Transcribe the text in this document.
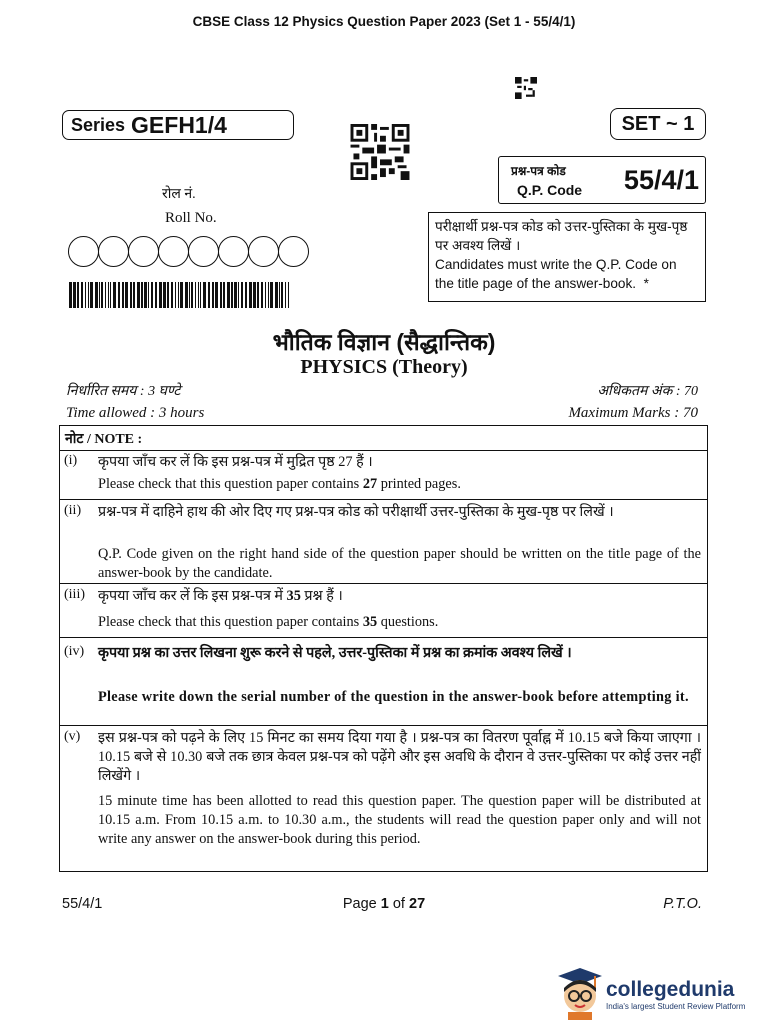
CBSE Class 12 Physics Question Paper 2023 (Set 1 - 55/4/1)
Series GEFH1/4	SET ~ 1
प्रश्न-पत्र कोड
Q.P. Code 55/4/1
रोल नं.
Roll No.
परीक्षार्थी प्रश्न-पत्र कोड को उत्तर-पुस्तिका के मुख-पृष्ठ पर अवश्य लिखें ।
Candidates must write the Q.P. Code on the title page of the answer-book. *
भौतिक विज्ञान (सैद्धान्तिक)
PHYSICS (Theory)
निर्धारित समय : 3 घण्टे	अधिकतम अंक : 70
Time allowed : 3 hours	Maximum Marks : 70
नोट / NOTE :
(i) कृपया जाँच कर लें कि इस प्रश्न-पत्र में मुद्रित पृष्ठ 27 हैं ।
Please check that this question paper contains 27 printed pages.
(ii) प्रश्न-पत्र में दाहिने हाथ की ओर दिए गए प्रश्न-पत्र कोड को परीक्षार्थी उत्तर-पुस्तिका के मुख-पृष्ठ पर लिखें ।
Q.P. Code given on the right hand side of the question paper should be written on the title page of the answer-book by the candidate.
(iii) कृपया जाँच कर लें कि इस प्रश्न-पत्र में 35 प्रश्न हैं ।
Please check that this question paper contains 35 questions.
(iv) कृपया प्रश्न का उत्तर लिखना शुरू करने से पहले, उत्तर-पुस्तिका में प्रश्न का क्रमांक अवश्य लिखें ।
Please write down the serial number of the question in the answer-book before attempting it.
(v) इस प्रश्न-पत्र को पढ़ने के लिए 15 मिनट का समय दिया गया है । प्रश्न-पत्र का वितरण पूर्वाह्न में 10.15 बजे किया जाएगा । 10.15 बजे से 10.30 बजे तक छात्र केवल प्रश्न-पत्र को पढ़ेंगे और इस अवधि के दौरान वे उत्तर-पुस्तिका पर कोई उत्तर नहीं लिखेंगे ।
15 minute time has been allotted to read this question paper. The question paper will be distributed at 10.15 a.m. From 10.15 a.m. to 10.30 a.m., the students will read the question paper only and will not write any answer on the answer-book during this period.
55/4/1	Page 1 of 27	P.T.O.
collegedunia
India's largest Student Review Platform
